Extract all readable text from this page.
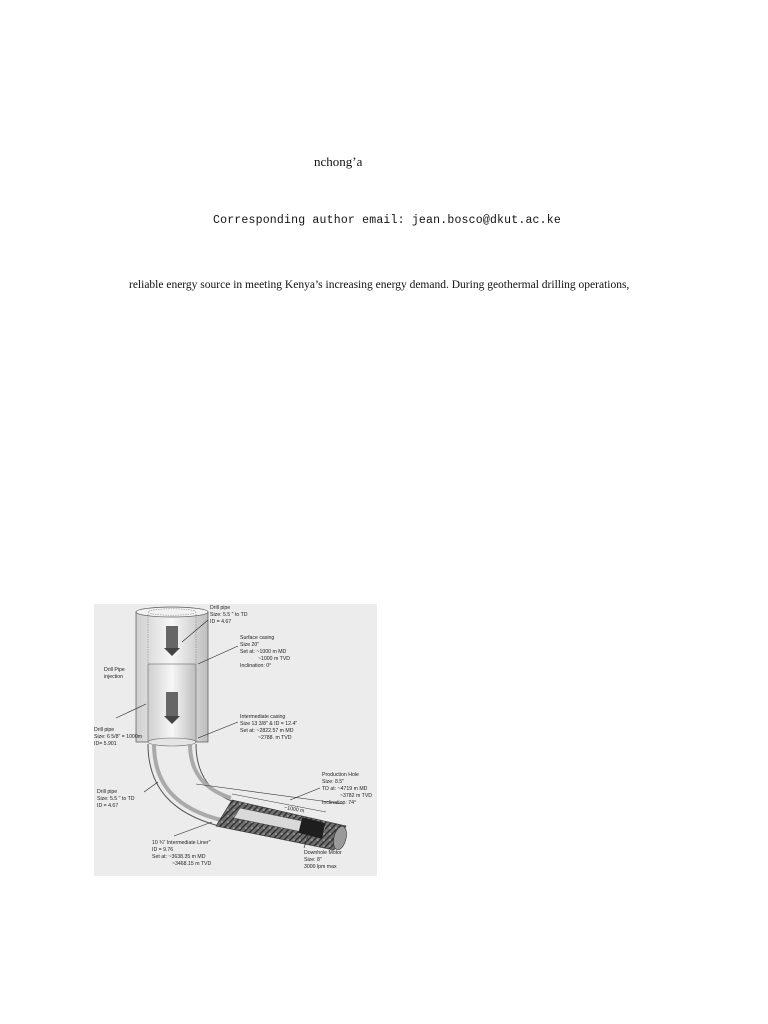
nchong’a
Corresponding author email: jean.bosco@dkut.ac.ke
reliable energy source in meeting Kenya’s increasing energy demand. During geothermal drilling operations,
Drill pipe Size: 5.5 " to TD ID = 4.67
Surface casing Size 20" Set at: ~1000 m MD ~1000 m TVD Inclination: 0°
Drill Pipe injection
Drill pipe Size: 6 5/8" = 1000m ID= 5.901
Intermediate casing Size 13 3/8" & ID = 12.4" Set at: ~2822.57 m MD ~2788. m TVD
Production Hole Size: 8.5" TD at: ~4719 m MD ~3782 m TVD Inclination: 74°
Drill pipe Size: 5.5 " to TD ID = 4.67	~1000 m
10 ¾" Intermediate Liner" ID = 9.76 Set at: ~3638.35 m MD ~3468.15 m TVD
Downhole Motor Size: 8" 3000 lpm max
